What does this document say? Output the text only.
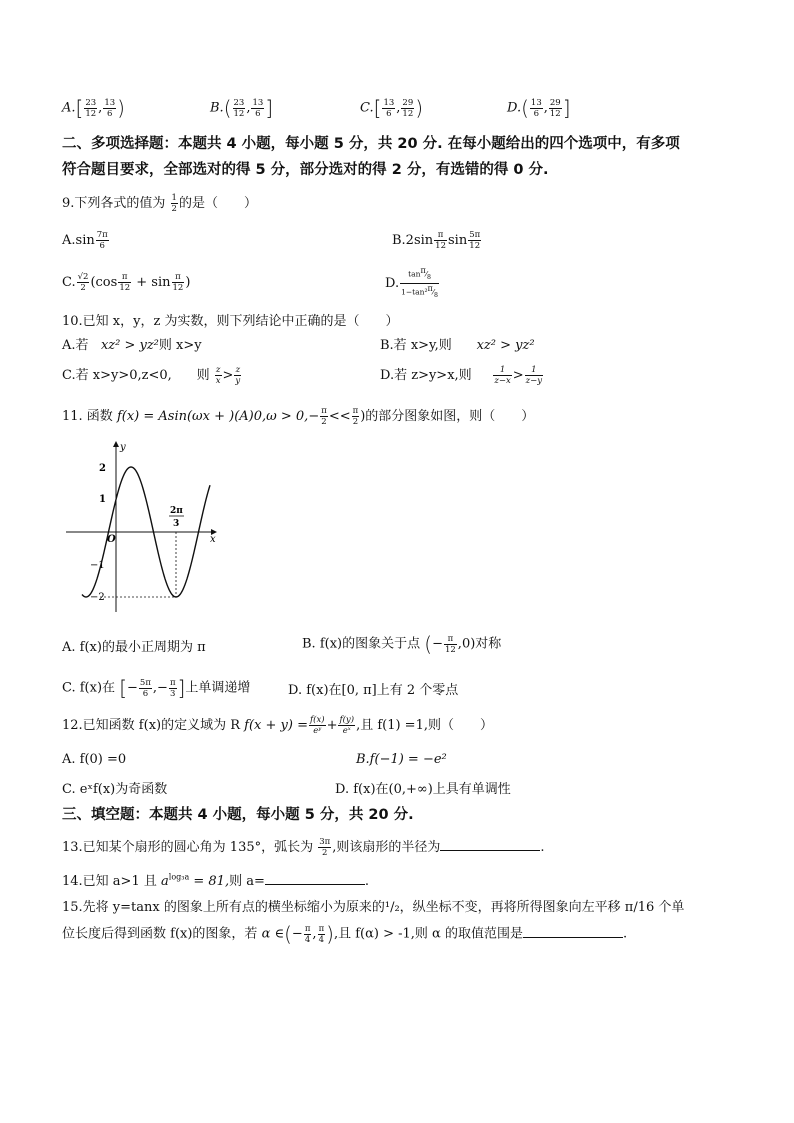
$A.[ \frac{23}{12}$ , $\frac{13}{6}$ )	$B.( \frac{23}{12}$ , $\frac{13}{6}$ ]	$C.[ \frac{13}{6}$ , $\frac{29}{12}$ )	$D.( \frac{13}{6}$ , $\frac{29}{12}$ ]
二、多项选择题：本题共 4 小题，每小题 5 分，共 20 分. 在每小题给出的四个选项中，有多项
符合题目要求，全部选对的得 5 分，部分选对的得 2 分，有选错的得 0 分.
9.下列各式的值为 $\frac{1}{2}$ 的是（　　）
$A.\sin \frac{7\pi}{6}$	$B.2\sin \frac{\pi}{12}$ $\sin \frac{5\pi}{12}$
C. $\frac{√2}{2} (\cos \frac{\pi}{12} + \sin \frac{\pi}{12}$ )	D. $\frac{\tan^\pi⁄_8}{1-\tan^2^\pi⁄_8}$
10.已知 x，y，z 为实数，则下列结论中正确的是（　　）
A.若 xz² > yz²则 x>y	B.若 x>y,则 xz² > yz²
C.若 x>y>0,z<0, 则 $\frac{z}{x} > \frac{z}{y}$	D.若 z>y>x,则	$\frac{1}{z-x} > \frac{1}{z-y}$
11. 函数 $f(x) = Asin(\omega x + )(A)0,\omega > 0,- \frac{\pi}{2} << \frac{\pi}{2}$ )的部分图象如图，则（　　）
y
x
O
2
1
−1
−2
2π
3
A. f(x)的最小正周期为 π	B. f(x)的图象关于点 (− $\frac{\pi}{12} ,0$)对称
C. f(x)在 [− $\frac{5\pi}{6}$ ,− $\frac{\pi}{3}$ ]上单调递增	D. f(x)在[0, π]上有 2 个零点
12.已知函数 f(x)的定义域为 R $f(x + y) = \frac{f(x)}{\text{eʸ}} + \frac{f(y)}{\text{eˣ}}$ ,且 f(1) =1,则（　　）
A. f(0) =0	B.f(−1) = −e²
C. eˣf(x)为奇函数	D. f(x)在(0,+∞)上具有单调性
三、填空题：本题共 4 小题，每小题 5 分，共 20 分.
13.已知某个扇形的圆心角为 135°，弧长为 $\frac{3\pi}{2}$ ,则该扇形的半径为	.
14.已知 a>1 且 $a^{log_3a} = 81$,则 a=	.
15.先将 y=tanx 的图象上所有点的横坐标缩小为原来的¹/₂，纵坐标不变，再将所得图象向左平移 π/16 个单
位长度后得到函数 f(x)的图象，若 α ∈(− $\frac{\pi}{4}$ , $\frac{\pi}{4}$ ),且 f(α) > -1,则 α 的取值范围是	.
